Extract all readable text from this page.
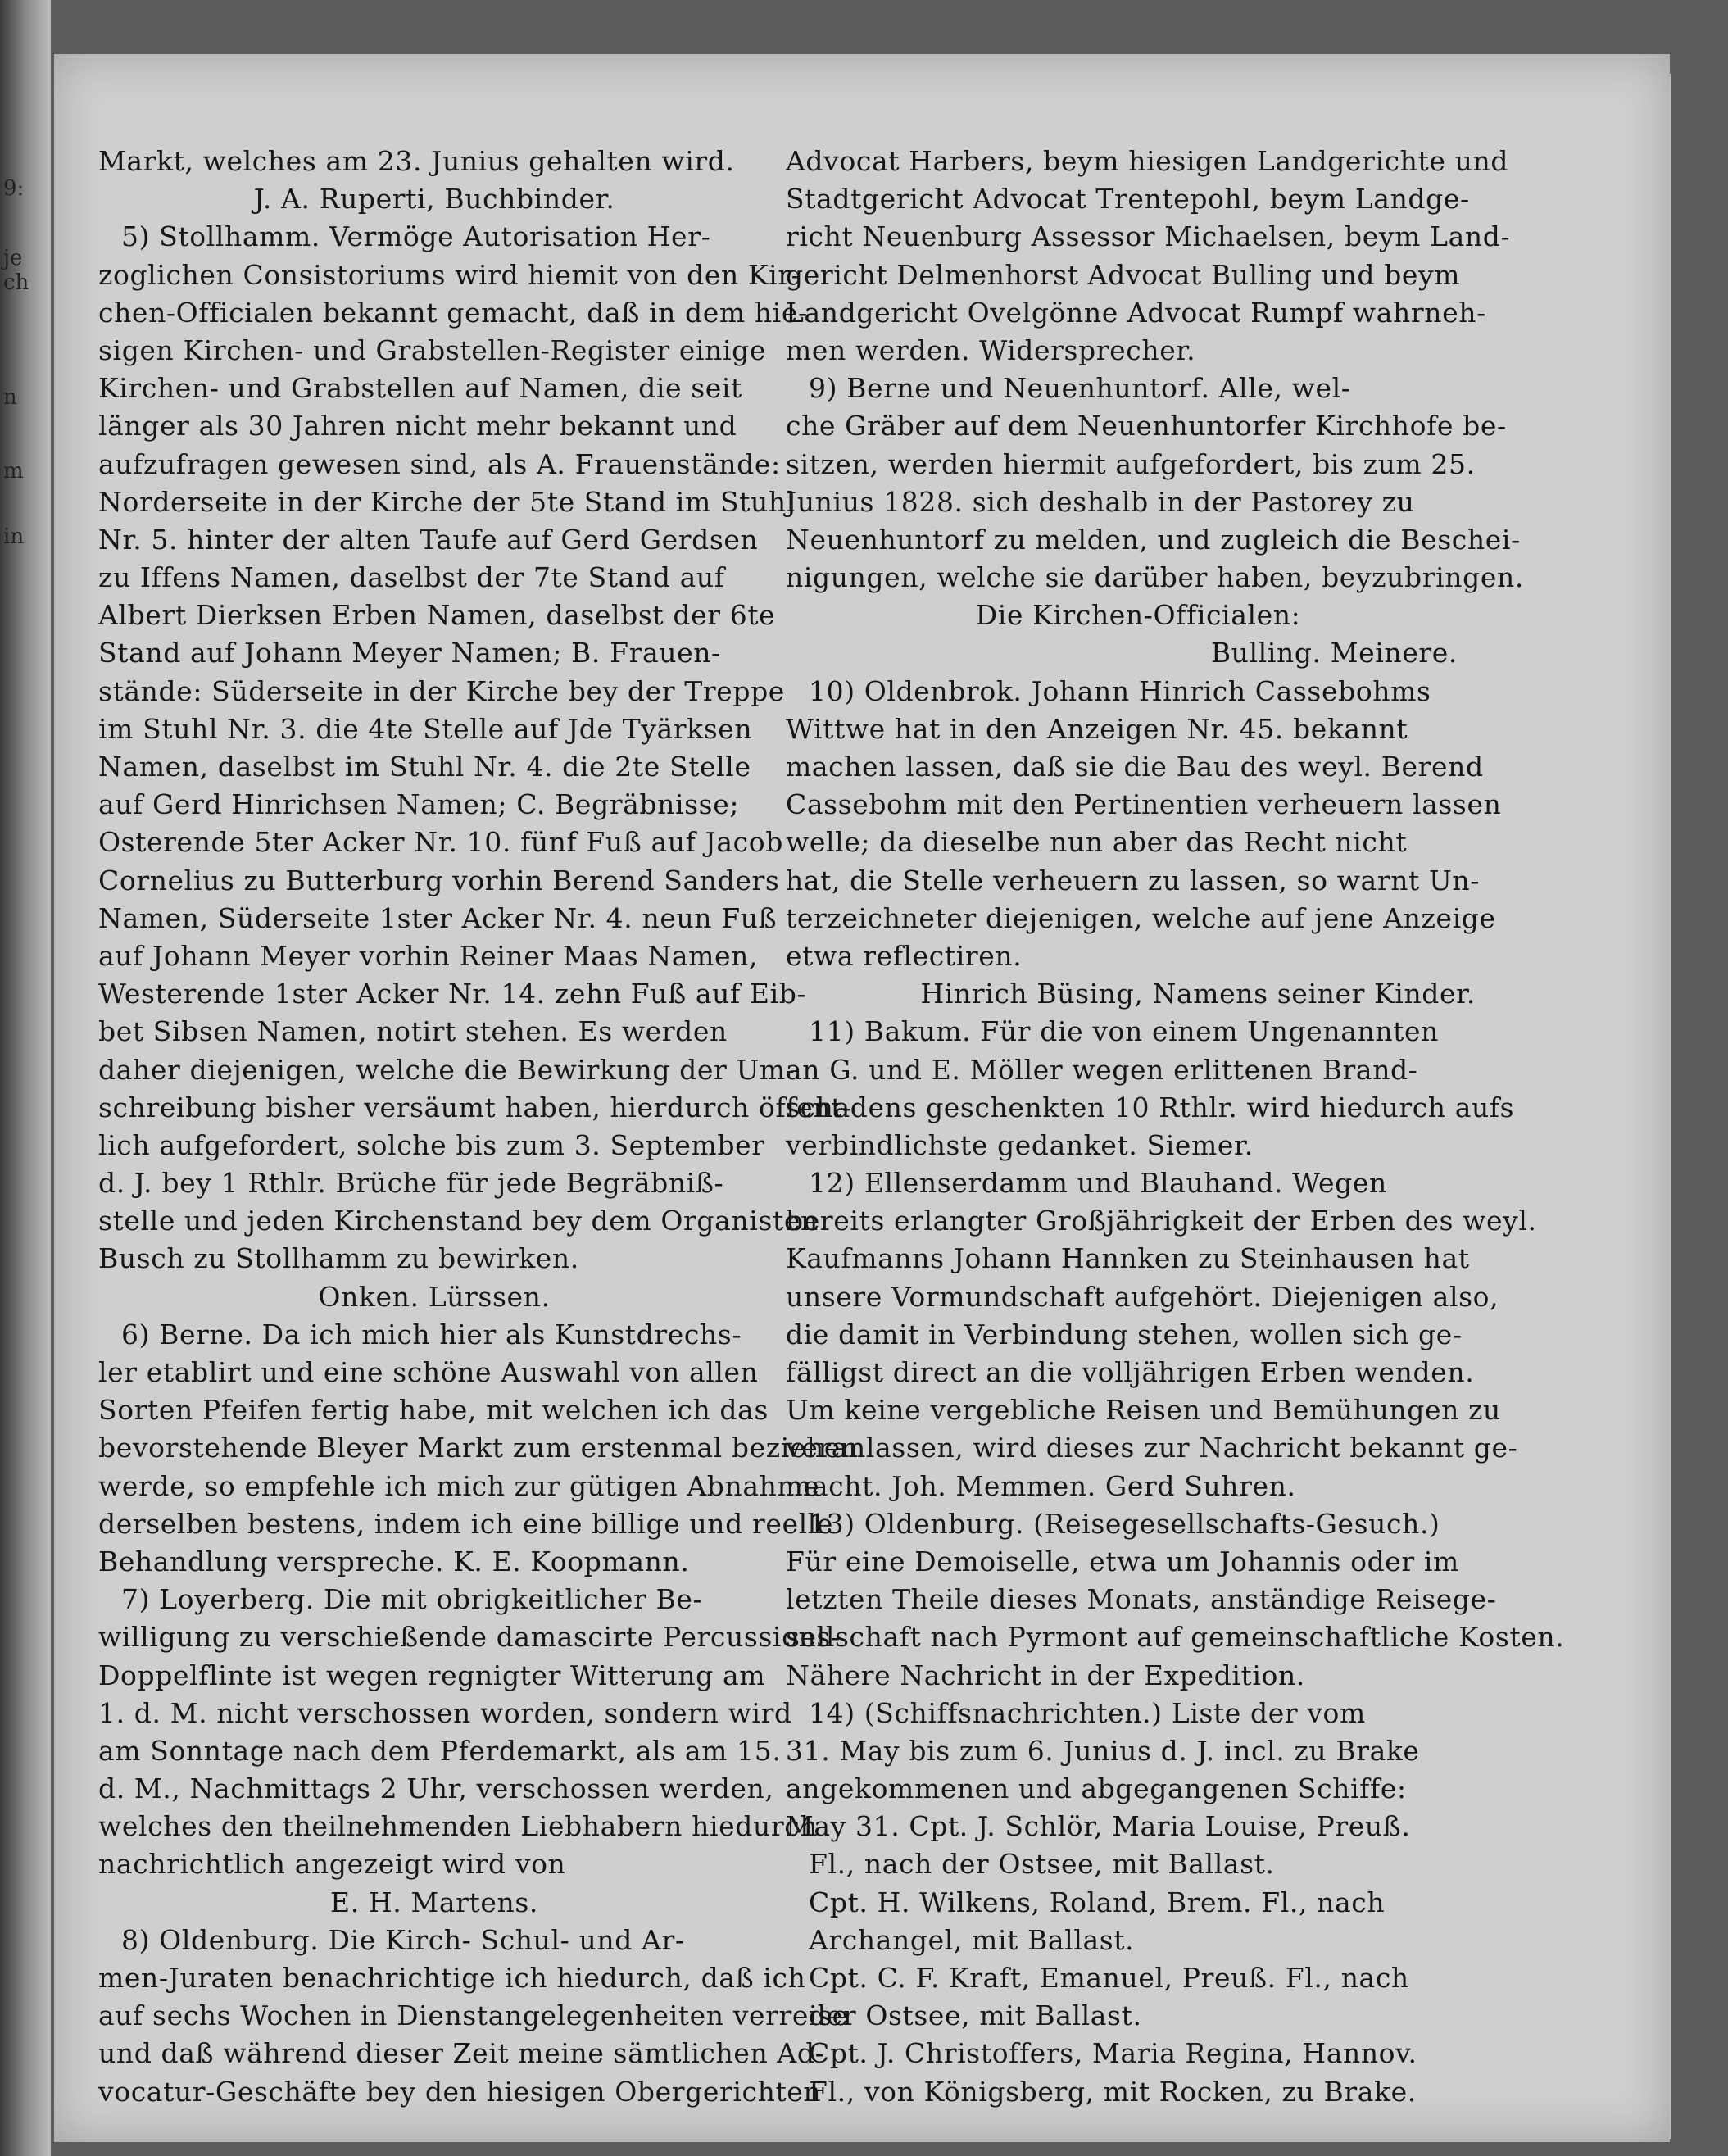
9:
je
ch
n
m
in
Markt, welches am 23. Junius gehalten wird.
J. A. Ruperti, Buchbinder.
5) Stollhamm. Vermöge Autorisation Her-
zoglichen Consistoriums wird hiemit von den Kir-
chen-Officialen bekannt gemacht, daß in dem hie-
sigen Kirchen- und Grabstellen-Register einige
Kirchen- und Grabstellen auf Namen, die seit
länger als 30 Jahren nicht mehr bekannt und
aufzufragen gewesen sind, als A. Frauenstände:
Norderseite in der Kirche der 5te Stand im Stuhl
Nr. 5. hinter der alten Taufe auf Gerd Gerdsen
zu Iffens Namen, daselbst der 7te Stand auf
Albert Dierksen Erben Namen, daselbst der 6te
Stand auf Johann Meyer Namen; B. Frauen-
stände: Süderseite in der Kirche bey der Treppe
im Stuhl Nr. 3. die 4te Stelle auf Jde Tyärksen
Namen, daselbst im Stuhl Nr. 4. die 2te Stelle
auf Gerd Hinrichsen Namen; C. Begräbnisse;
Osterende 5ter Acker Nr. 10. fünf Fuß auf Jacob
Cornelius zu Butterburg vorhin Berend Sanders
Namen, Süderseite 1ster Acker Nr. 4. neun Fuß
auf Johann Meyer vorhin Reiner Maas Namen,
Westerende 1ster Acker Nr. 14. zehn Fuß auf Eib-
bet Sibsen Namen, notirt stehen. Es werden
daher diejenigen, welche die Bewirkung der Um-
schreibung bisher versäumt haben, hierdurch öffent-
lich aufgefordert, solche bis zum 3. September
d. J. bey 1 Rthlr. Brüche für jede Begräbniß-
stelle und jeden Kirchenstand bey dem Organisten
Busch zu Stollhamm zu bewirken.
Onken. Lürssen.
6) Berne. Da ich mich hier als Kunstdrechs-
ler etablirt und eine schöne Auswahl von allen
Sorten Pfeifen fertig habe, mit welchen ich das
bevorstehende Bleyer Markt zum erstenmal beziehen
werde, so empfehle ich mich zur gütigen Abnahme
derselben bestens, indem ich eine billige und reelle
Behandlung verspreche. K. E. Koopmann.
7) Loyerberg. Die mit obrigkeitlicher Be-
willigung zu verschießende damascirte Percussions-
Doppelflinte ist wegen regnigter Witterung am
1. d. M. nicht verschossen worden, sondern wird
am Sonntage nach dem Pferdemarkt, als am 15.
d. M., Nachmittags 2 Uhr, verschossen werden,
welches den theilnehmenden Liebhabern hiedurch
nachrichtlich angezeigt wird von
E. H. Martens.
8) Oldenburg. Die Kirch- Schul- und Ar-
men-Juraten benachrichtige ich hiedurch, daß ich
auf sechs Wochen in Dienstangelegenheiten verreise
und daß während dieser Zeit meine sämtlichen Ad-
vocatur-Geschäfte bey den hiesigen Obergerichten
Advocat Harbers, beym hiesigen Landgerichte und
Stadtgericht Advocat Trentepohl, beym Landge-
richt Neuenburg Assessor Michaelsen, beym Land-
gericht Delmenhorst Advocat Bulling und beym
Landgericht Ovelgönne Advocat Rumpf wahrneh-
men werden. Widersprecher.
9) Berne und Neuenhuntorf. Alle, wel-
che Gräber auf dem Neuenhuntorfer Kirchhofe be-
sitzen, werden hiermit aufgefordert, bis zum 25.
Junius 1828. sich deshalb in der Pastorey zu
Neuenhuntorf zu melden, und zugleich die Beschei-
nigungen, welche sie darüber haben, beyzubringen.
Die Kirchen-Officialen:
Bulling. Meinere.
10) Oldenbrok. Johann Hinrich Cassebohms
Wittwe hat in den Anzeigen Nr. 45. bekannt
machen lassen, daß sie die Bau des weyl. Berend
Cassebohm mit den Pertinentien verheuern lassen
welle; da dieselbe nun aber das Recht nicht
hat, die Stelle verheuern zu lassen, so warnt Un-
terzeichneter diejenigen, welche auf jene Anzeige
etwa reflectiren.
Hinrich Büsing, Namens seiner Kinder.
11) Bakum. Für die von einem Ungenannten
an G. und E. Möller wegen erlittenen Brand-
schadens geschenkten 10 Rthlr. wird hiedurch aufs
verbindlichste gedanket. Siemer.
12) Ellenserdamm und Blauhand. Wegen
bereits erlangter Großjährigkeit der Erben des weyl.
Kaufmanns Johann Hannken zu Steinhausen hat
unsere Vormundschaft aufgehört. Diejenigen also,
die damit in Verbindung stehen, wollen sich ge-
fälligst direct an die volljährigen Erben wenden.
Um keine vergebliche Reisen und Bemühungen zu
veranlassen, wird dieses zur Nachricht bekannt ge-
macht. Joh. Memmen. Gerd Suhren.
13) Oldenburg. (Reisegesellschafts-Gesuch.)
Für eine Demoiselle, etwa um Johannis oder im
letzten Theile dieses Monats, anständige Reisege-
sellschaft nach Pyrmont auf gemeinschaftliche Kosten.
Nähere Nachricht in der Expedition.
14) (Schiffsnachrichten.) Liste der vom
31. May bis zum 6. Junius d. J. incl. zu Brake
angekommenen und abgegangenen Schiffe:
May 31. Cpt. J. Schlör, Maria Louise, Preuß.
Fl., nach der Ostsee, mit Ballast.
Cpt. H. Wilkens, Roland, Brem. Fl., nach
Archangel, mit Ballast.
Cpt. C. F. Kraft, Emanuel, Preuß. Fl., nach
der Ostsee, mit Ballast.
Cpt. J. Christoffers, Maria Regina, Hannov.
Fl., von Königsberg, mit Rocken, zu Brake.
